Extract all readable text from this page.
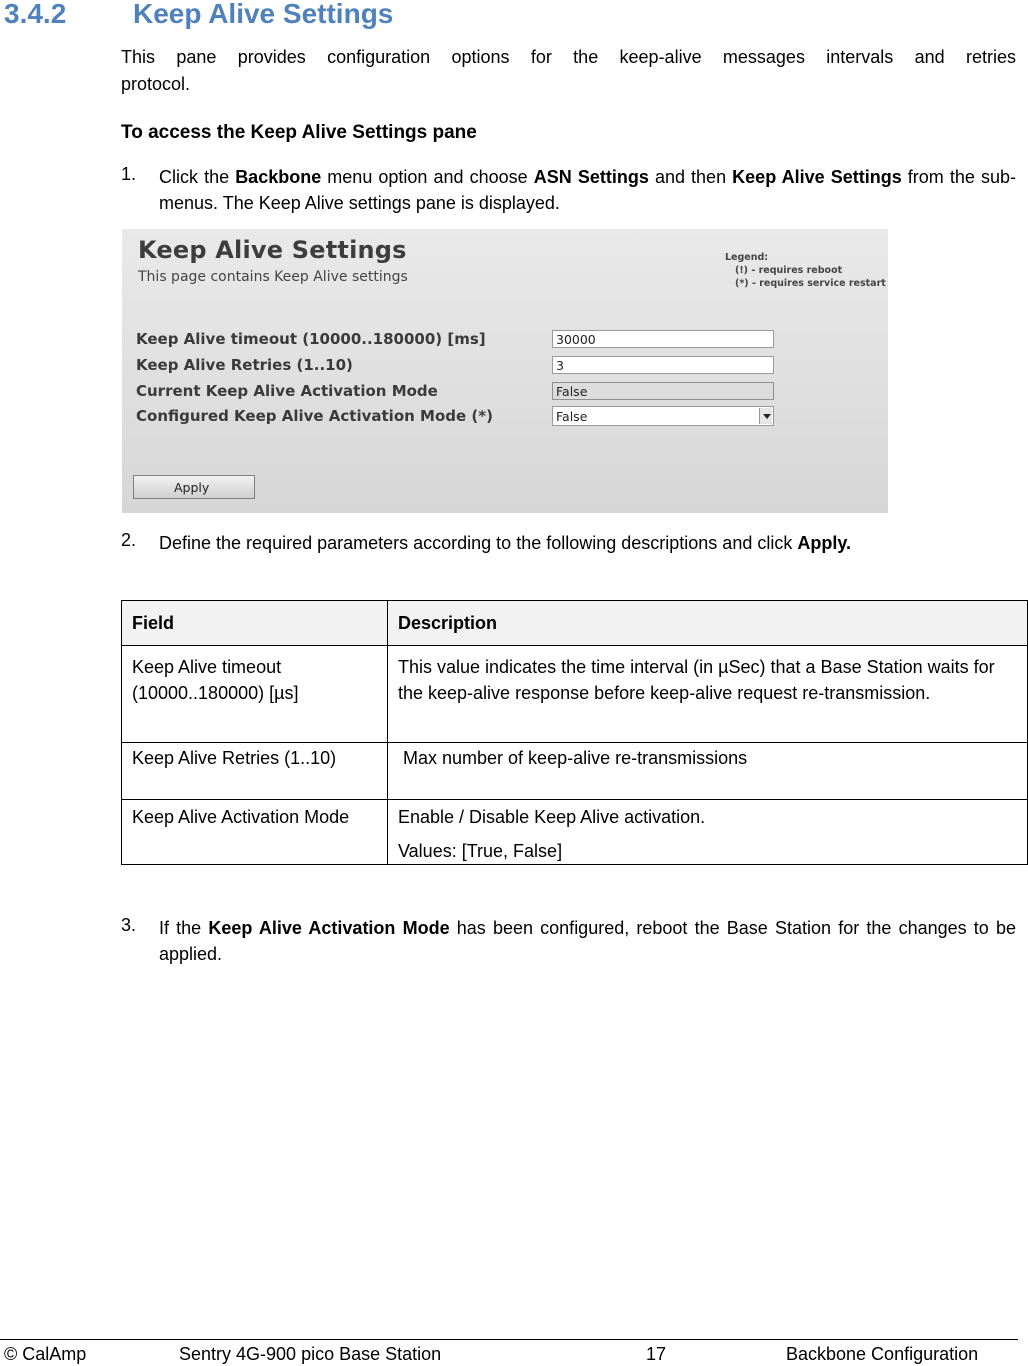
3.4.2 Keep Alive Settings
This pane provides configuration options for the keep-alive messages intervals and retries
protocol.
To access the Keep Alive Settings pane
1. Click the Backbone menu option and choose ASN Settings and then Keep Alive Settings from the sub-menus. The Keep Alive settings pane is displayed.
Keep Alive Settings
This page contains Keep Alive settings
Legend:
(!) - requires reboot
(*) - requires service restart
Keep Alive timeout (10000..180000) [ms]	30000
Keep Alive Retries (1..10)	3
Current Keep Alive Activation Mode	False
Configured Keep Alive Activation Mode (*)	False
Apply
2. Define the required parameters according to the following descriptions and click Apply.
Field	Description
Keep Alive timeout (10000..180000) [µs]	This value indicates the time interval (in µSec) that a Base Station waits for the keep-alive response before keep-alive request re-transmission.
Keep Alive Retries (1..10)	Max number of keep-alive re-transmissions
Keep Alive Activation Mode	Enable / Disable Keep Alive activation.

Values: [True, False]

3. If the Keep Alive Activation Mode has been configured, reboot the Base Station for the changes to be applied.
© CalAmp	Sentry 4G-900 pico Base Station	17	Backbone Configuration
